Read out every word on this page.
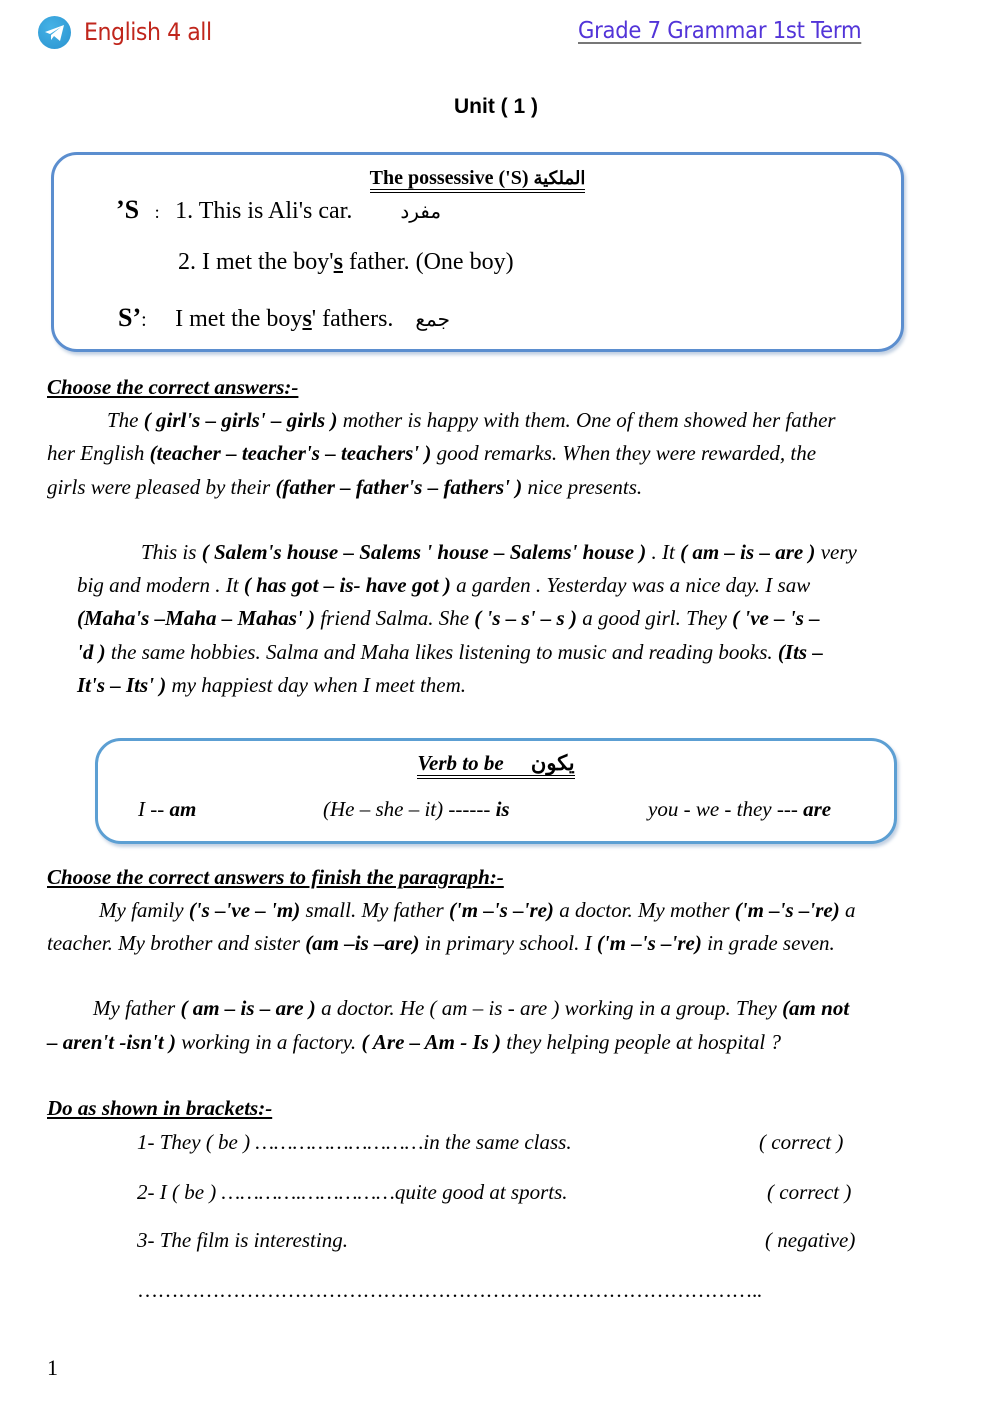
English 4 all	Grade 7 Grammar 1st Term
Unit ( 1 )
The possessive ('S) الملكية
’S : 1. This is Ali's car. مفرد
2. I met the boy's father. (One boy)
S’: I met the boys' fathers. جمع
Choose the correct answers:-
The ( girl's – girls' – girls ) mother is happy with them. One of them showed her father
her English (teacher – teacher's – teachers' ) good remarks. When they were rewarded, the
girls were pleased by their (father – father's – fathers' ) nice presents.
This is ( Salem's house – Salems ' house – Salems' house ) . It ( am – is – are ) very
big and modern . It ( has got – is- have got ) a garden . Yesterday was a nice day. I saw
(Maha's –Maha – Mahas' ) friend Salma. She ( 's – s' – s ) a good girl. They ( 've – 's –
'd ) the same hobbies. Salma and Maha likes listening to music and reading books. (Its –
It's – Its' ) my happiest day when I meet them.
Verb to be يكون
I -- am	(He – she – it) ------ is	you - we - they --- are
Choose the correct answers to finish the paragraph:-
My family ('s –'ve – 'm) small. My father ('m –'s –'re) a doctor. My mother ('m –'s –'re) a
teacher. My brother and sister (am –is –are) in primary school. I ('m –'s –'re) in grade seven.
My father ( am – is – are ) a doctor. He ( am – is - are ) working in a group. They (am not
– aren't -isn't ) working in a factory. ( Are – Am - Is ) they helping people at hospital ?
Do as shown in brackets:-
1- They ( be ) ………………………in the same class.	( correct )
2- I ( be ) ………….……………quite good at sports.	( correct )
3- The film is interesting.	( negative)
………………………………………………………………………………..
1
